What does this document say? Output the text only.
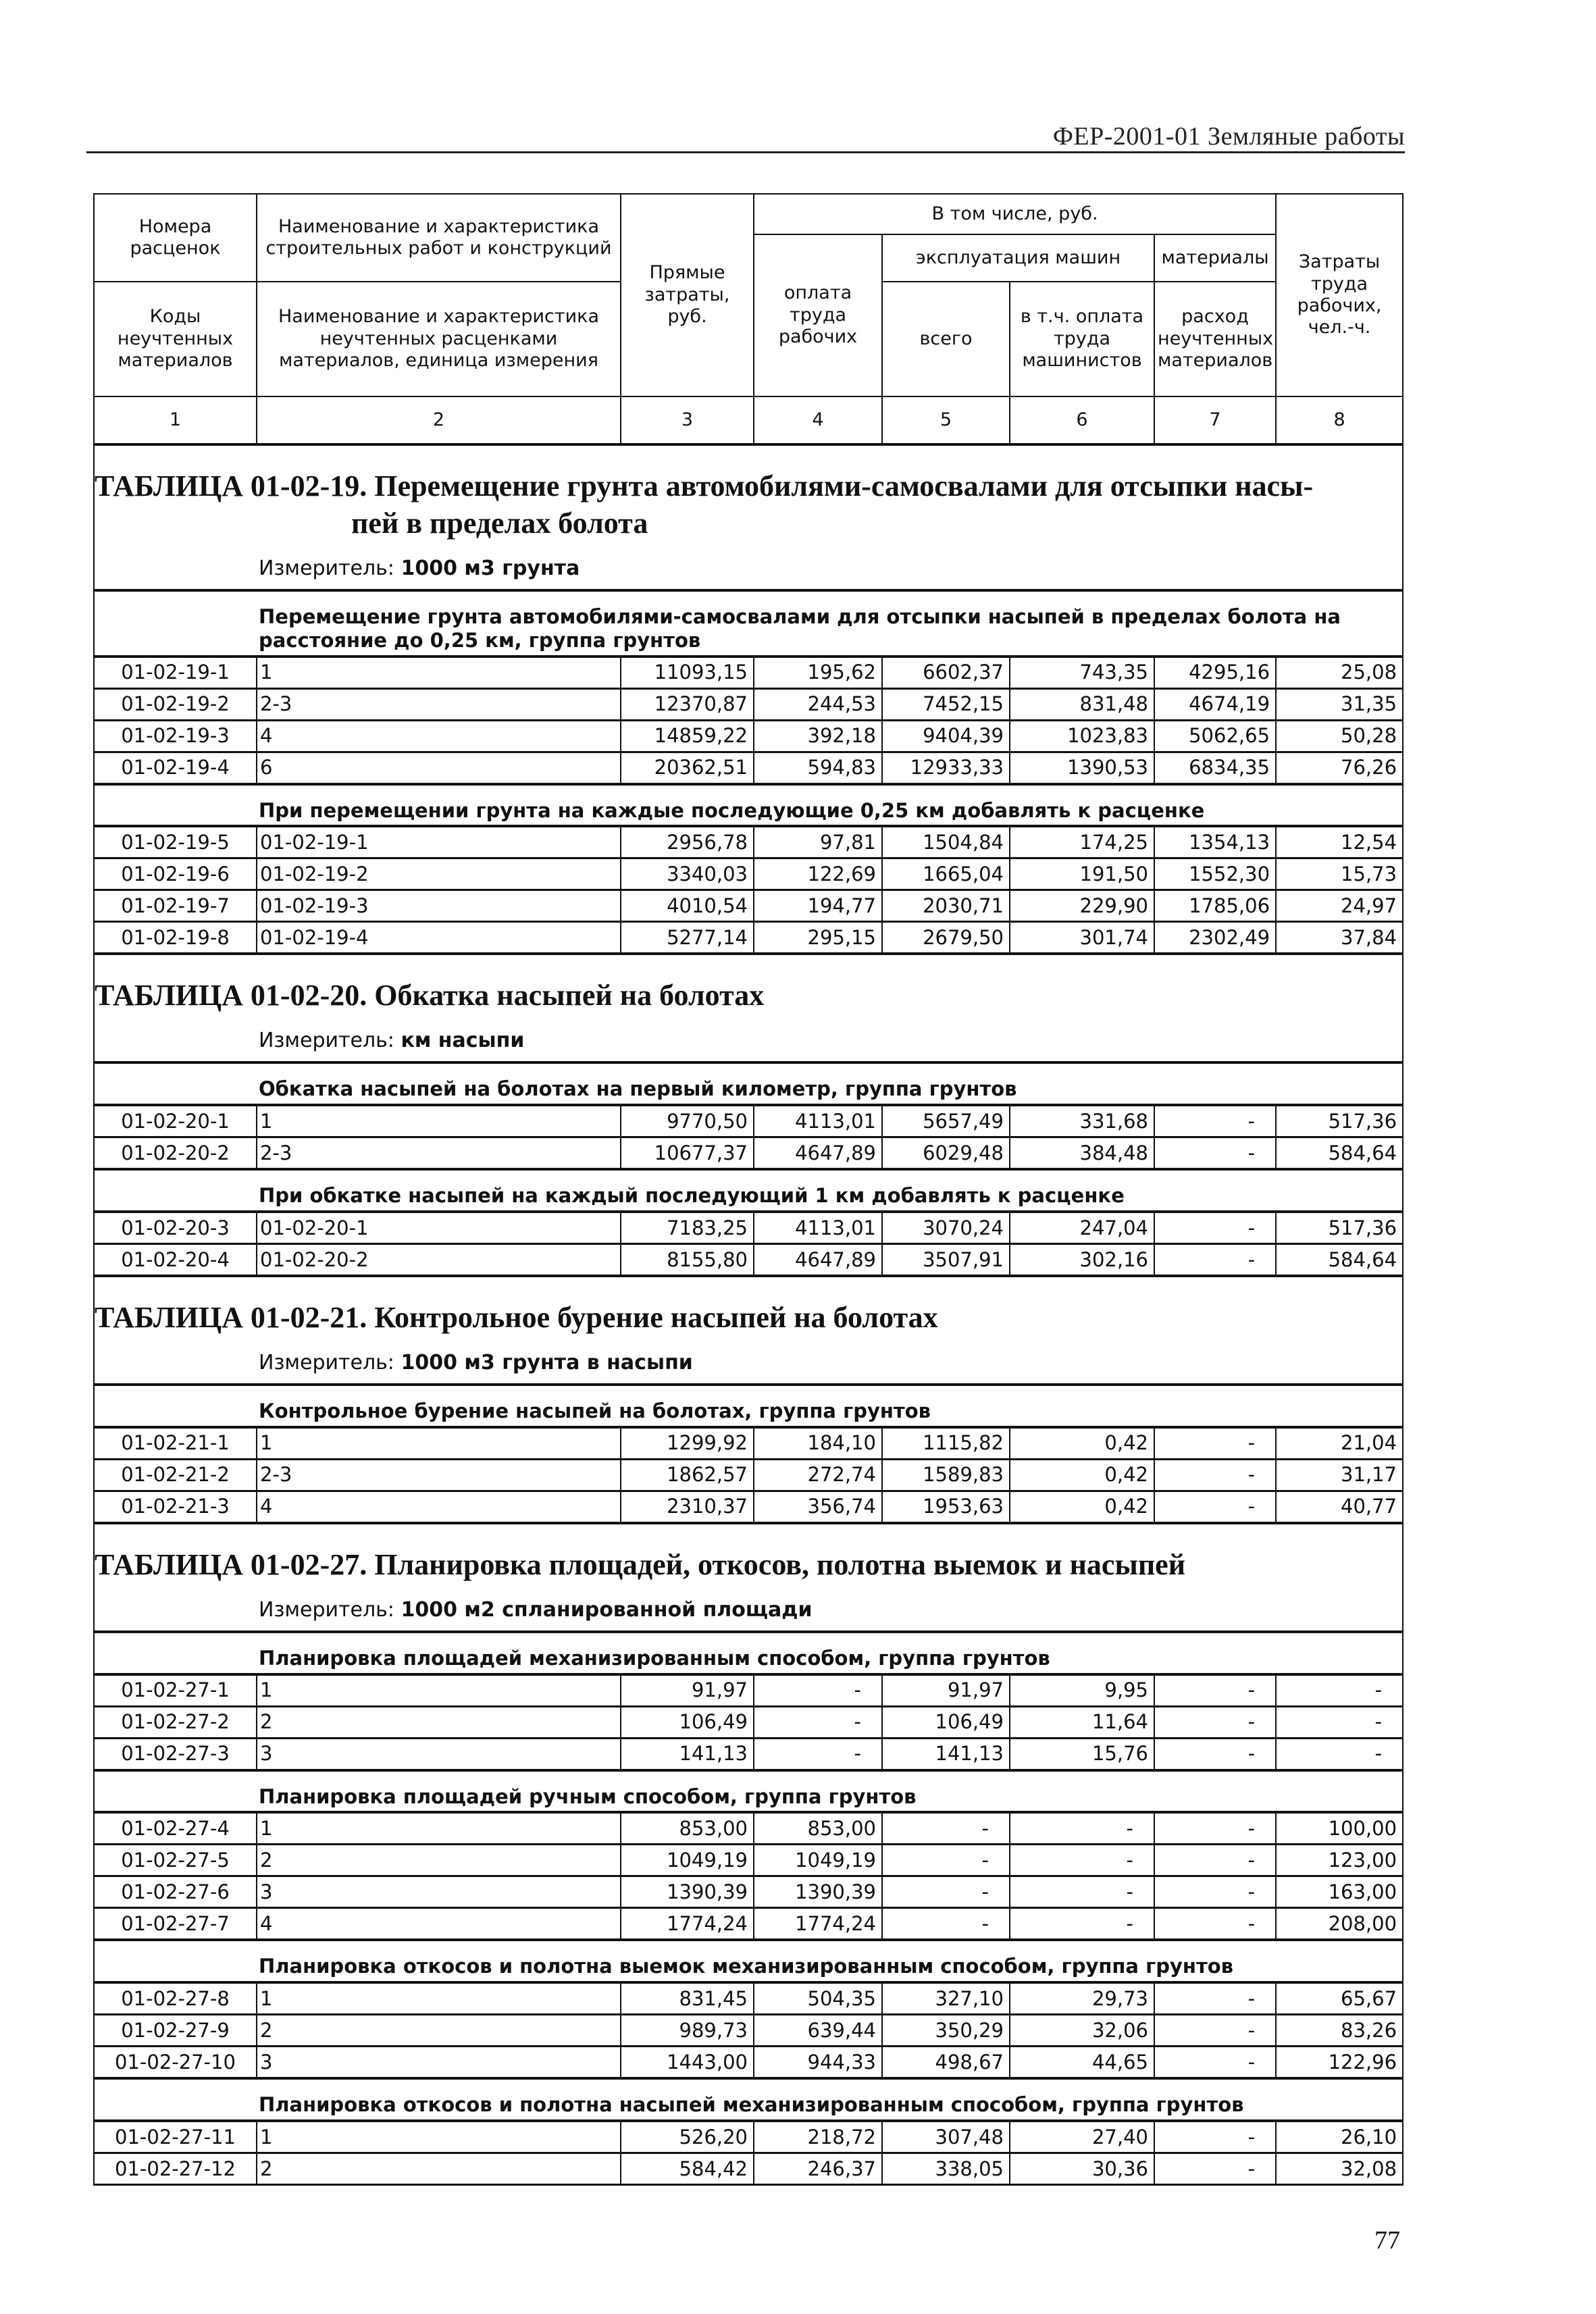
ФЕР-2001-01 Земляные работы
Номера расценок	Наименование и характеристика строительных работ и конструкций	Прямые затраты, руб.	В том числе, руб.				Затраты труда рабочих, чел.-ч.
			оплата труда рабочих	эксплуатация машин		материалы	
Коды неучтенных материалов	Наименование и характеристика неучтенных расценками материалов, единица измерения			всего	в т.ч. оплата труда машинистов	расход неучтенных материалов	

1	2	3	4	5	6	7	8

ТАБЛИЦА 01-02-19. Перемещение грунта автомобилями-самосвалами для отсыпки насы-
пей в пределах болота
Измеритель: 1000 м3 грунта							

Перемещение грунта автомобилями-самосвалами для отсыпки насыпей в пределах болота на расстояние до 0,25 км, группа грунтов							
01-02-19-1	1	11093,15	195,62	6602,37	743,35	4295,16	25,08
01-02-19-2	2-3	12370,87	244,53	7452,15	831,48	4674,19	31,35
01-02-19-3	4	14859,22	392,18	9404,39	1023,83	5062,65	50,28
01-02-19-4	6	20362,51	594,83	12933,33	1390,53	6834,35	76,26
При перемещении грунта на каждые последующие 0,25 км добавлять к расценке							
01-02-19-5	01-02-19-1	2956,78	97,81	1504,84	174,25	1354,13	12,54
01-02-19-6	01-02-19-2	3340,03	122,69	1665,04	191,50	1552,30	15,73
01-02-19-7	01-02-19-3	4010,54	194,77	2030,71	229,90	1785,06	24,97
01-02-19-8	01-02-19-4	5277,14	295,15	2679,50	301,74	2302,49	37,84

ТАБЛИЦА 01-02-20. Обкатка насыпей на болотах
Измеритель: км насыпи							

Обкатка насыпей на болотах на первый километр, группа грунтов							
01-02-20-1	1	9770,50	4113,01	5657,49	331,68	-	517,36
01-02-20-2	2-3	10677,37	4647,89	6029,48	384,48	-	584,64
При обкатке насыпей на каждый последующий 1 км добавлять к расценке							
01-02-20-3	01-02-20-1	7183,25	4113,01	3070,24	247,04	-	517,36
01-02-20-4	01-02-20-2	8155,80	4647,89	3507,91	302,16	-	584,64

ТАБЛИЦА 01-02-21. Контрольное бурение насыпей на болотах
Измеритель: 1000 м3 грунта в насыпи							

Контрольное бурение насыпей на болотах, группа грунтов							
01-02-21-1	1	1299,92	184,10	1115,82	0,42	-	21,04
01-02-21-2	2-3	1862,57	272,74	1589,83	0,42	-	31,17
01-02-21-3	4	2310,37	356,74	1953,63	0,42	-	40,77

ТАБЛИЦА 01-02-27. Планировка площадей, откосов, полотна выемок и насыпей
Измеритель: 1000 м2 спланированной площади							

Планировка площадей механизированным способом, группа грунтов							
01-02-27-1	1	91,97	-	91,97	9,95	-	-
01-02-27-2	2	106,49	-	106,49	11,64	-	-
01-02-27-3	3	141,13	-	141,13	15,76	-	-
Планировка площадей ручным способом, группа грунтов							
01-02-27-4	1	853,00	853,00	-	-	-	100,00
01-02-27-5	2	1049,19	1049,19	-	-	-	123,00
01-02-27-6	3	1390,39	1390,39	-	-	-	163,00
01-02-27-7	4	1774,24	1774,24	-	-	-	208,00
Планировка откосов и полотна выемок механизированным способом, группа грунтов							
01-02-27-8	1	831,45	504,35	327,10	29,73	-	65,67
01-02-27-9	2	989,73	639,44	350,29	32,06	-	83,26
01-02-27-10	3	1443,00	944,33	498,67	44,65	-	122,96
Планировка откосов и полотна насыпей механизированным способом, группа грунтов							
01-02-27-11	1	526,20	218,72	307,48	27,40	-	26,10
01-02-27-12	2	584,42	246,37	338,05	30,36	-	32,08
77
